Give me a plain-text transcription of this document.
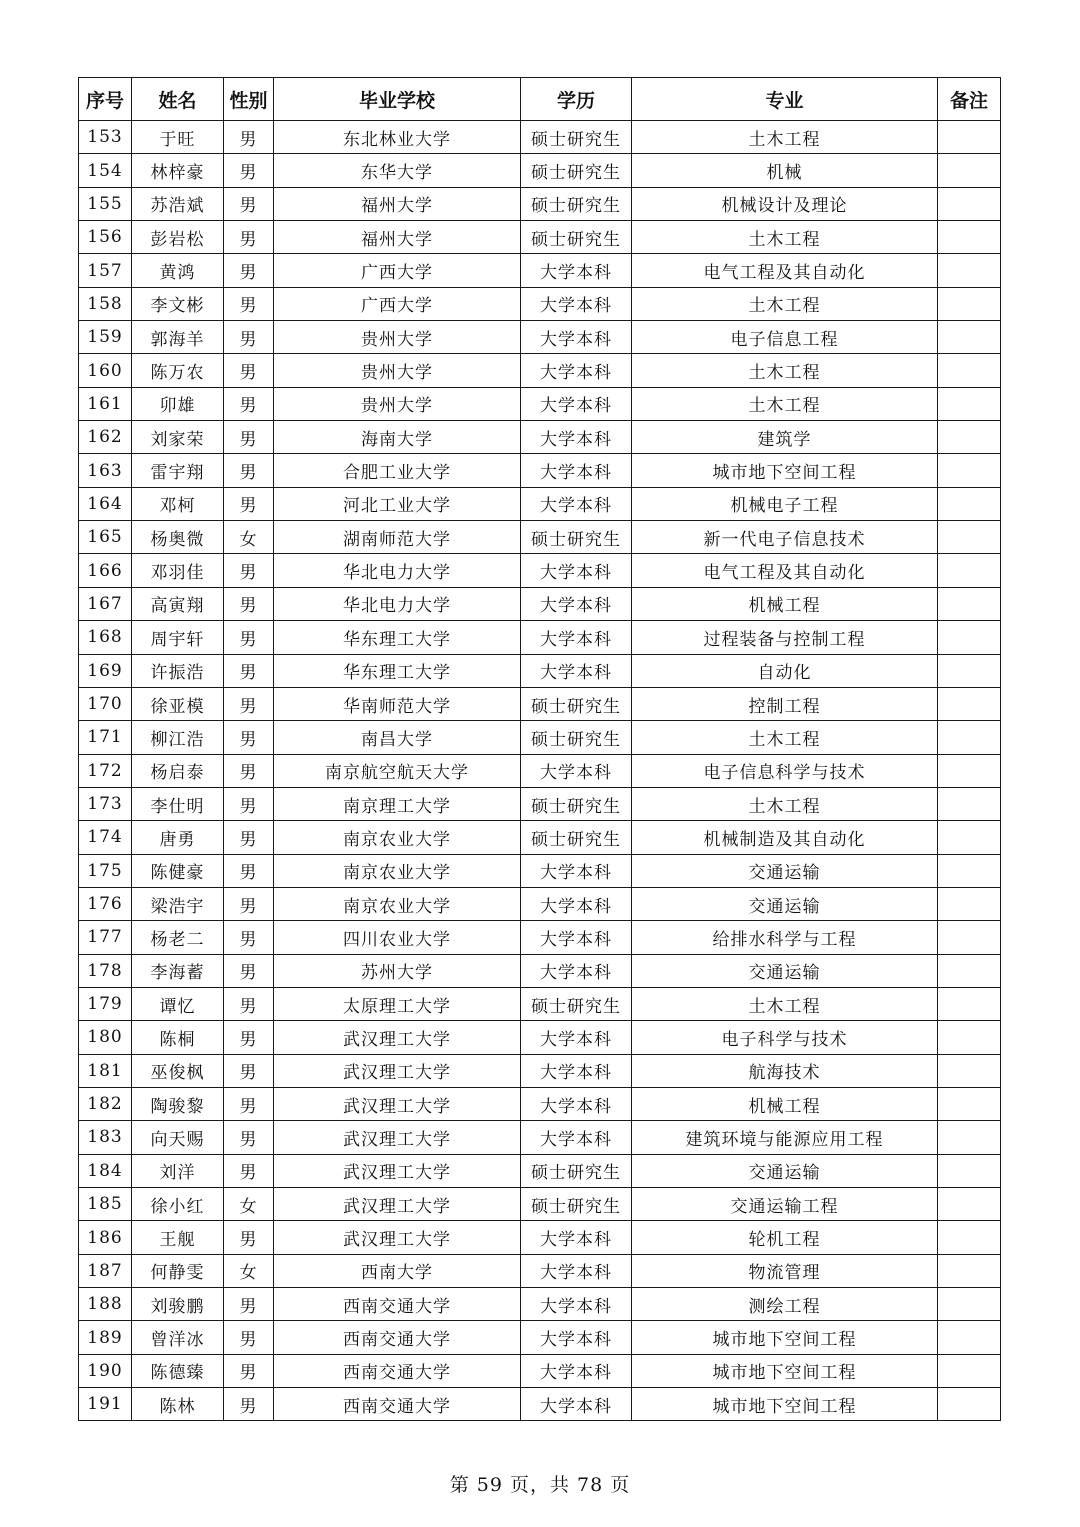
序号	姓名	性别	毕业学校	学历	专业	备注
153	于旺	男	东北林业大学	硕士研究生	土木工程	
154	林梓豪	男	东华大学	硕士研究生	机械	
155	苏浩斌	男	福州大学	硕士研究生	机械设计及理论	
156	彭岩松	男	福州大学	硕士研究生	土木工程	
157	黄鸿	男	广西大学	大学本科	电气工程及其自动化	
158	李文彬	男	广西大学	大学本科	土木工程	
159	郭海羊	男	贵州大学	大学本科	电子信息工程	
160	陈万农	男	贵州大学	大学本科	土木工程	
161	卯雄	男	贵州大学	大学本科	土木工程	
162	刘家荣	男	海南大学	大学本科	建筑学	
163	雷宇翔	男	合肥工业大学	大学本科	城市地下空间工程	
164	邓柯	男	河北工业大学	大学本科	机械电子工程	
165	杨奥微	女	湖南师范大学	硕士研究生	新一代电子信息技术	
166	邓羽佳	男	华北电力大学	大学本科	电气工程及其自动化	
167	高寅翔	男	华北电力大学	大学本科	机械工程	
168	周宇轩	男	华东理工大学	大学本科	过程装备与控制工程	
169	许振浩	男	华东理工大学	大学本科	自动化	
170	徐亚模	男	华南师范大学	硕士研究生	控制工程	
171	柳江浩	男	南昌大学	硕士研究生	土木工程	
172	杨启泰	男	南京航空航天大学	大学本科	电子信息科学与技术	
173	李仕明	男	南京理工大学	硕士研究生	土木工程	
174	唐勇	男	南京农业大学	硕士研究生	机械制造及其自动化	
175	陈健豪	男	南京农业大学	大学本科	交通运输	
176	梁浩宇	男	南京农业大学	大学本科	交通运输	
177	杨老二	男	四川农业大学	大学本科	给排水科学与工程	
178	李海蓄	男	苏州大学	大学本科	交通运输	
179	谭忆	男	太原理工大学	硕士研究生	土木工程	
180	陈桐	男	武汉理工大学	大学本科	电子科学与技术	
181	巫俊枫	男	武汉理工大学	大学本科	航海技术	
182	陶骏黎	男	武汉理工大学	大学本科	机械工程	
183	向天赐	男	武汉理工大学	大学本科	建筑环境与能源应用工程	
184	刘洋	男	武汉理工大学	硕士研究生	交通运输	
185	徐小红	女	武汉理工大学	硕士研究生	交通运输工程	
186	王舰	男	武汉理工大学	大学本科	轮机工程	
187	何静雯	女	西南大学	大学本科	物流管理	
188	刘骏鹏	男	西南交通大学	大学本科	测绘工程	
189	曾洋冰	男	西南交通大学	大学本科	城市地下空间工程	
190	陈德臻	男	西南交通大学	大学本科	城市地下空间工程	
191	陈林	男	西南交通大学	大学本科	城市地下空间工程	
第 59 页，共 78 页
